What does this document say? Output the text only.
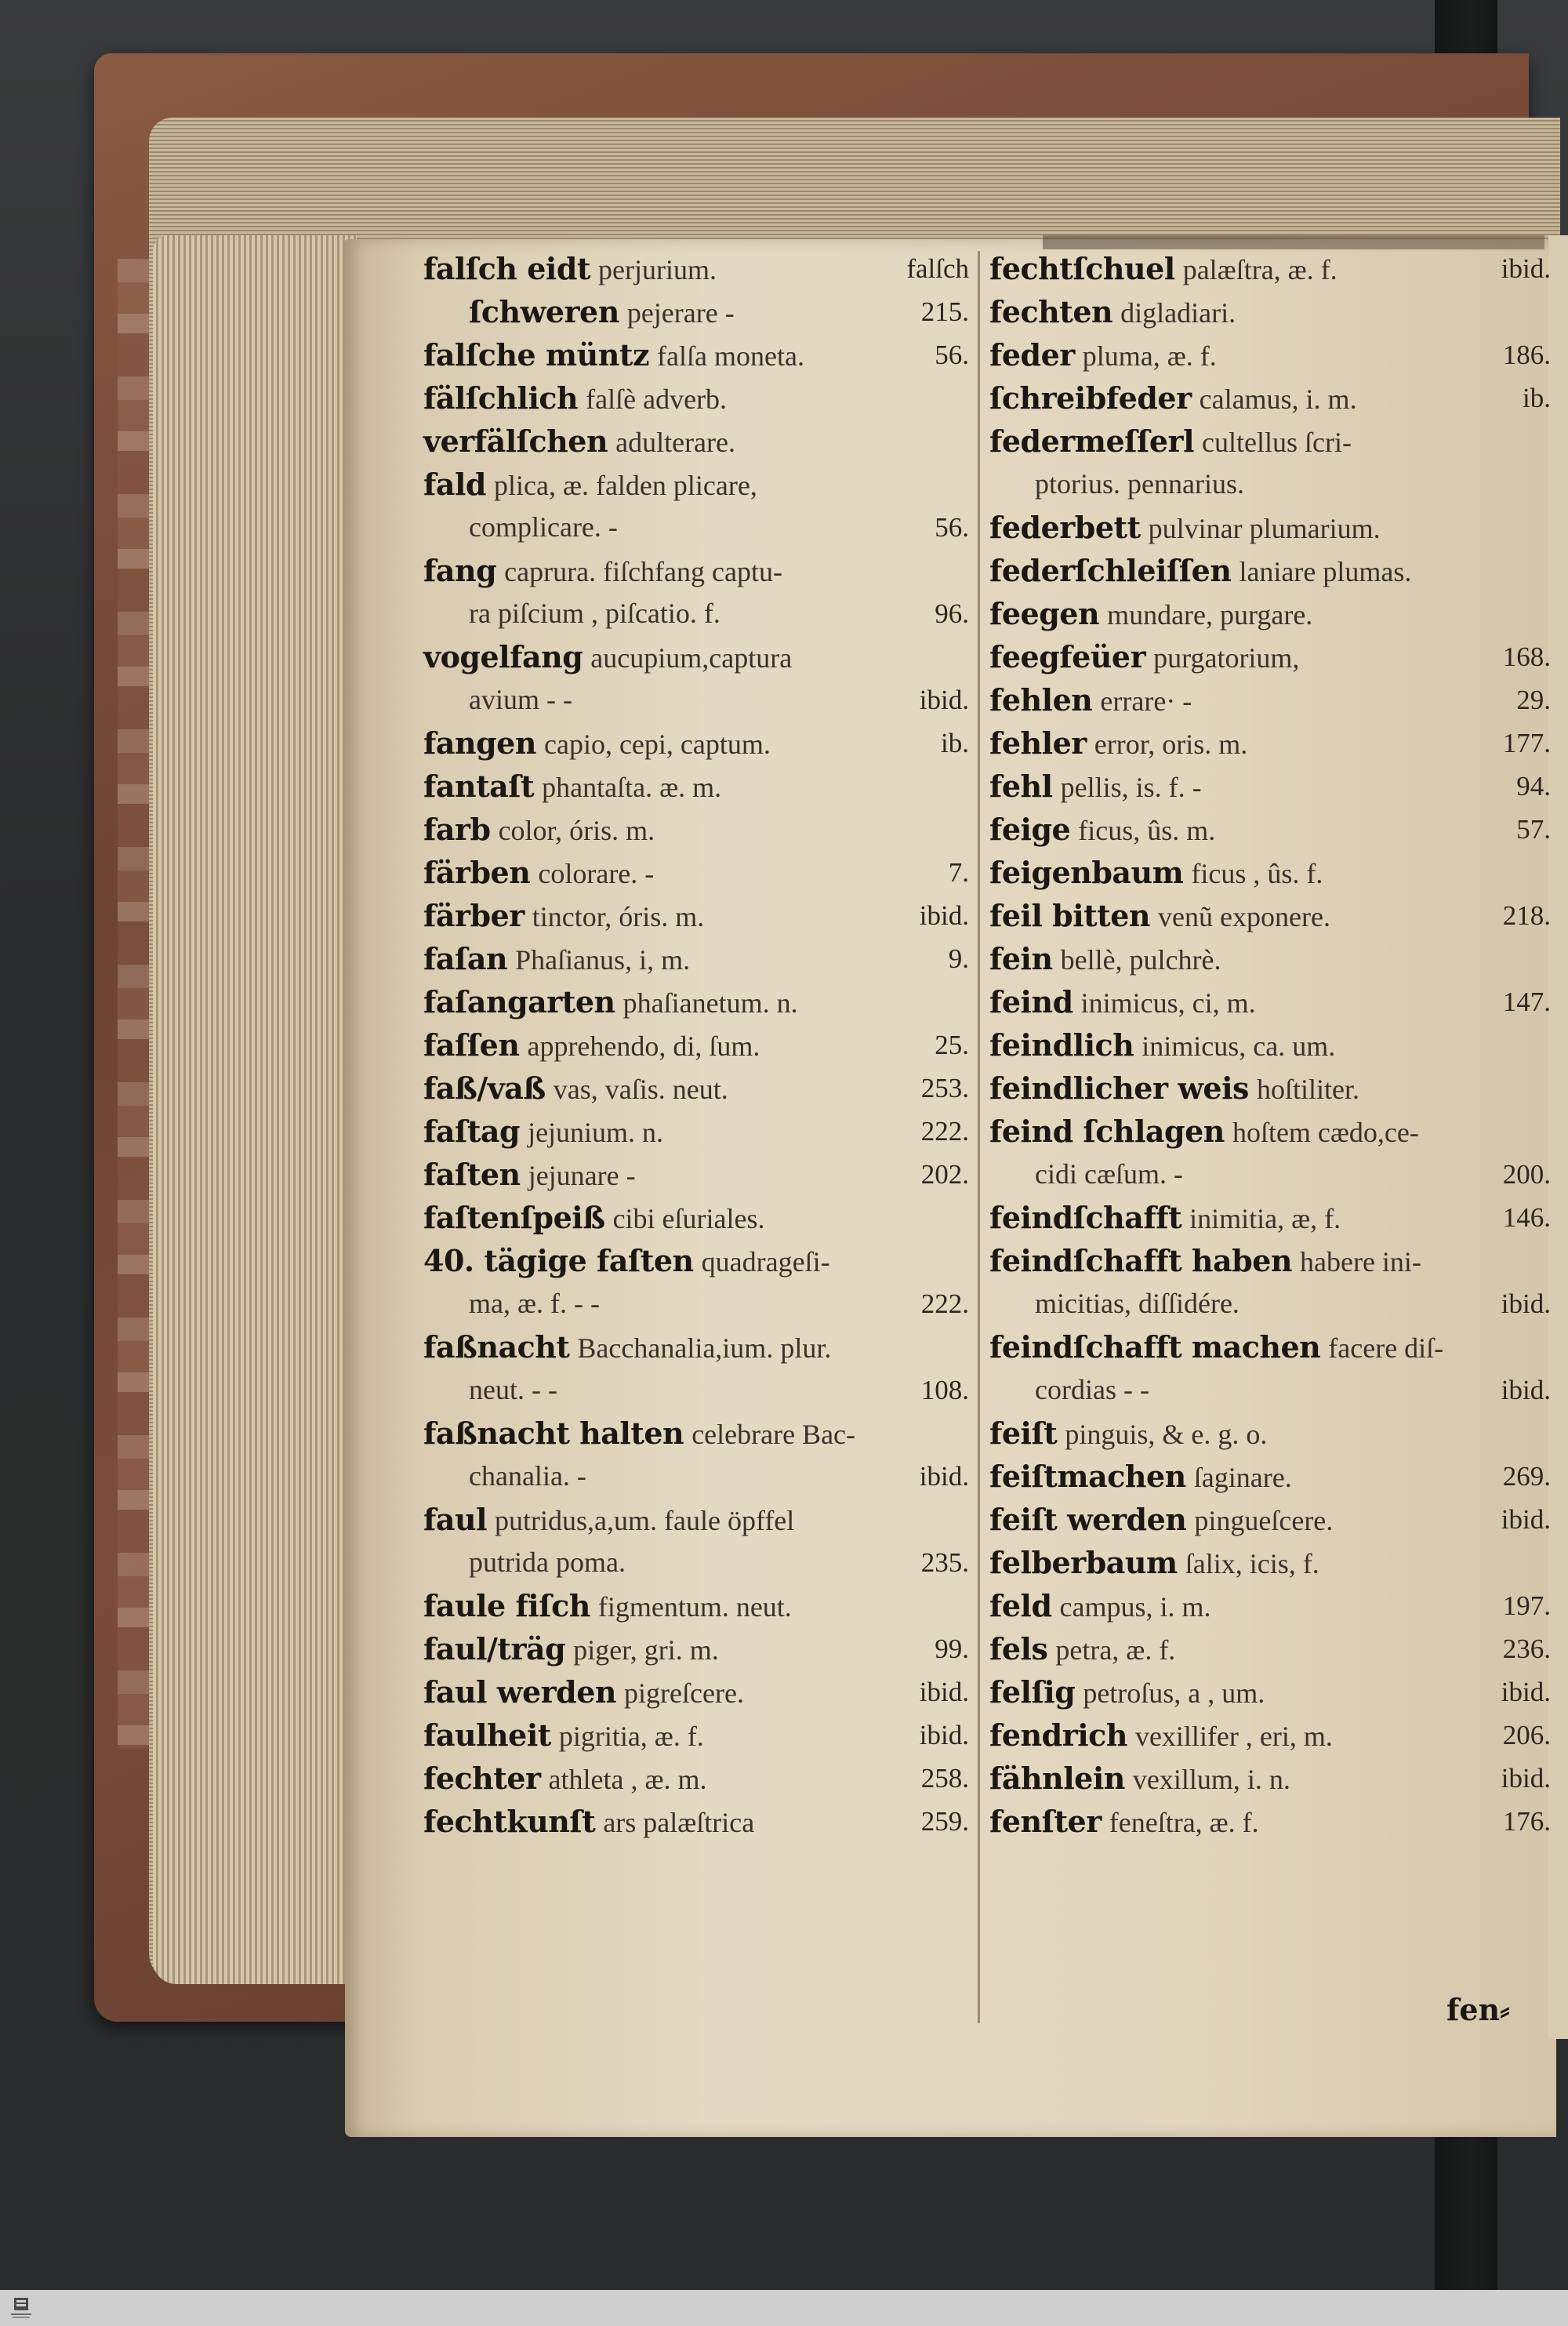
falſch eidt perjurium.	falſch
ſchweren pejerare -	215.
falſche müntz falſa moneta.	56.
fälſchlich falſè adverb.
verfälſchen adulterare.
fald plica, æ. falden plicare,
complicare. -	56.
fang caprura. fiſchfang captu-
ra piſcium , piſcatio. f.	96.
vogelfang aucupium,captura
avium - -	ibid.
fangen capio, cepi, captum.	ib.
fantaſt phantaſta. æ. m.
farb color, óris. m.
färben colorare. -	7.
färber tinctor, óris. m.	ibid.
faſan Phaſianus, i, m.	9.
faſangarten phaſianetum. n.
faſſen apprehendo, di, ſum.	25.
faß/vaß vas, vaſis. neut.	253.
faſtag jejunium. n.	222.
faſten jejunare -	202.
faſtenſpeiß cibi eſuriales.
40. tägige faſten quadrageſi-
ma, æ. f. - -	222.
faßnacht Bacchanalia,ium. plur.
neut. - -	108.
faßnacht halten celebrare Bac-
chanalia. -	ibid.
faul putridus,a,um. faule öpffel
putrida poma.	235.
faule fiſch figmentum. neut.
faul/träg piger, gri. m.	99.
faul werden pigreſcere.	ibid.
faulheit pigritia, æ. f.	ibid.
fechter athleta , æ. m.	258.
fechtkunſt ars palæſtrica	259.
fechtſchuel palæſtra, æ. f.	ibid.
fechten digladiari.
feder pluma, æ. f.	186.
ſchreibfeder calamus, i. m.	ib.
federmeſſerl cultellus ſcri-
ptorius. pennarius.
federbett pulvinar plumarium.
federſchleiſſen laniare plumas.
feegen mundare, purgare.
feegfeüer purgatorium,	168.
fehlen errare· -	29.
fehler error, oris. m.	177.
fehl pellis, is. f. -	94.
feige ficus, ûs. m.	57.
feigenbaum ficus , ûs. f.
feil bitten venũ exponere.	218.
fein bellè, pulchrè.
feind inimicus, ci, m.	147.
feindlich inimicus, ca. um.
feindlicher weis hoſtiliter.
feind ſchlagen hoſtem cædo,ce-
cidi cæſum. -	200.
feindſchafft inimitia, æ, f.	146.
feindſchafft haben habere ini-
micitias, diſſidére.	ibid.
feindſchafft machen facere diſ-
cordias - -	ibid.
feiſt pinguis, & e. g. o.
feiſtmachen ſaginare.	269.
feiſt werden pingueſcere.	ibid.
felberbaum ſalix, icis, f.
feld campus, i. m.	197.
fels petra, æ. f.	236.
felſig petroſus, a , um.	ibid.
fendrich vexillifer , eri, m.	206.
fähnlein vexillum, i. n.	ibid.
fenſter feneſtra, æ. f.	176.
fen⸗
